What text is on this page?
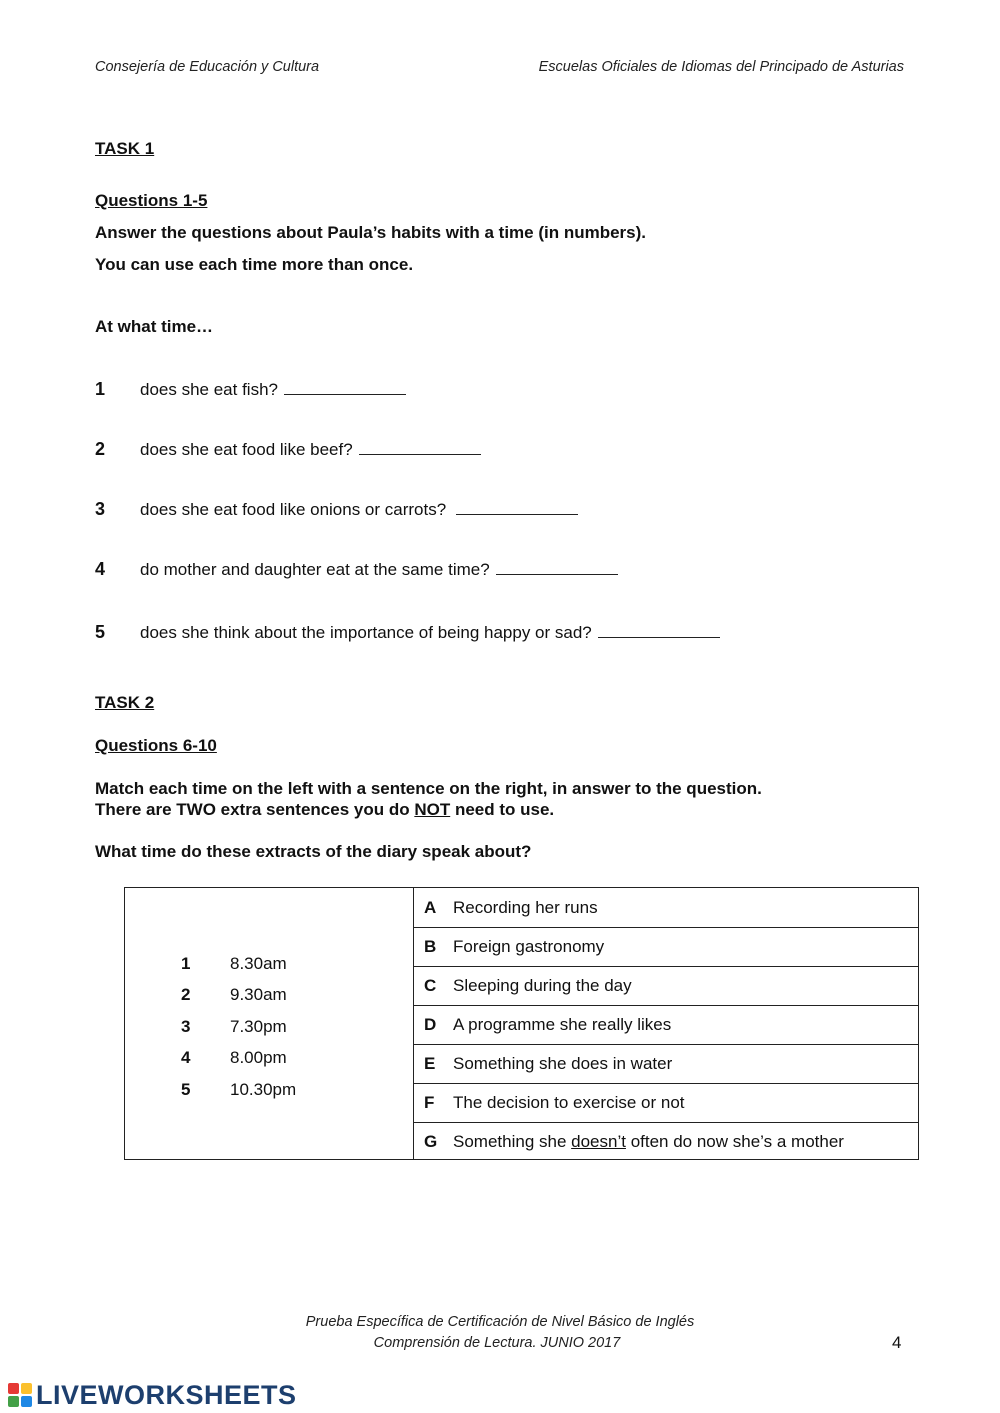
Consejería de Educación y Cultura	Escuelas Oficiales de Idiomas del Principado de Asturias
TASK 1
Questions 1-5
Answer the questions about Paula’s habits with a time (in numbers).
You can use each time more than once.
At what time…
1 does she eat fish?
2 does she eat food like beef?
3 does she eat food like onions or carrots?
4 do mother and daughter eat at the same time?
5 does she think about the importance of being happy or sad?
TASK 2
Questions 6-10
Match each time on the left with a sentence on the right, in answer to the question.
There are TWO extra sentences you do NOT need to use.
What time do these extracts of the diary speak about?
1 8.30am
2 9.30am
3 7.30pm
4 8.00pm
5 10.30pm
A Recording her runs
B Foreign gastronomy
C Sleeping during the day
D A programme she really likes
E	Something she does in water
F	The decision to exercise or not
G Something she doesn’t often do now she’s a mother
Prueba Específica de Certificación de Nivel Básico de Inglés
Comprensión de Lectura. JUNIO 2017	4
LIVEWORKSHEETS
